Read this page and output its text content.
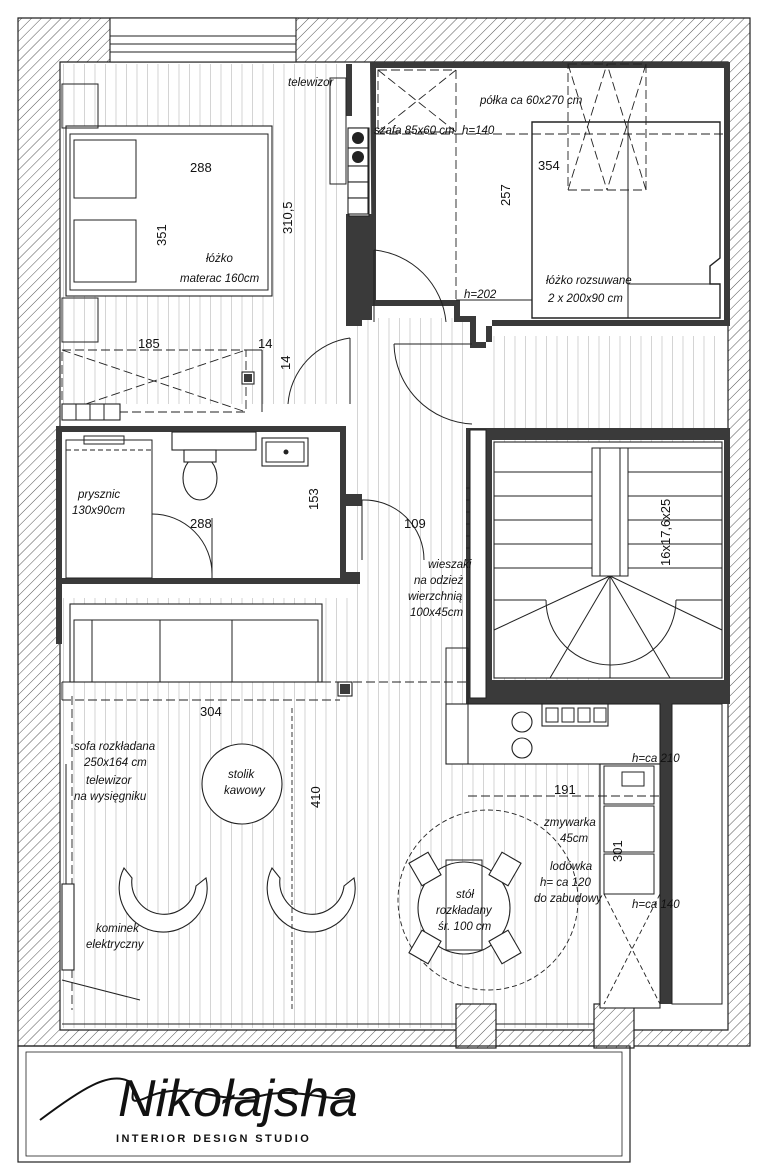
telewizor
łóżko
materac 160cm
szafa 85x60 cm h=140
półka ca 60x270 cm
h=202
łóżko rozsuwane
2 x 200x90 cm
prysznic
130x90cm
wieszaki
na odzież
wierzchnią
100x45cm
sofa rozkładana
250x164 cm
telewizor
na wysięgniku
stolik
kawowy
kominek
elektryczny
stół
rozkładany
śr. 100 cm
zmywarka
45cm
lodówka
h= ca 120
do zabudowy
h=ca 210
h=ca 140
288
351
310,5
185	14
14
354
257
288
153
109
304
410	191
301
16x17,6x25
Nikołajsha
INTERIOR DESIGN STUDIO
